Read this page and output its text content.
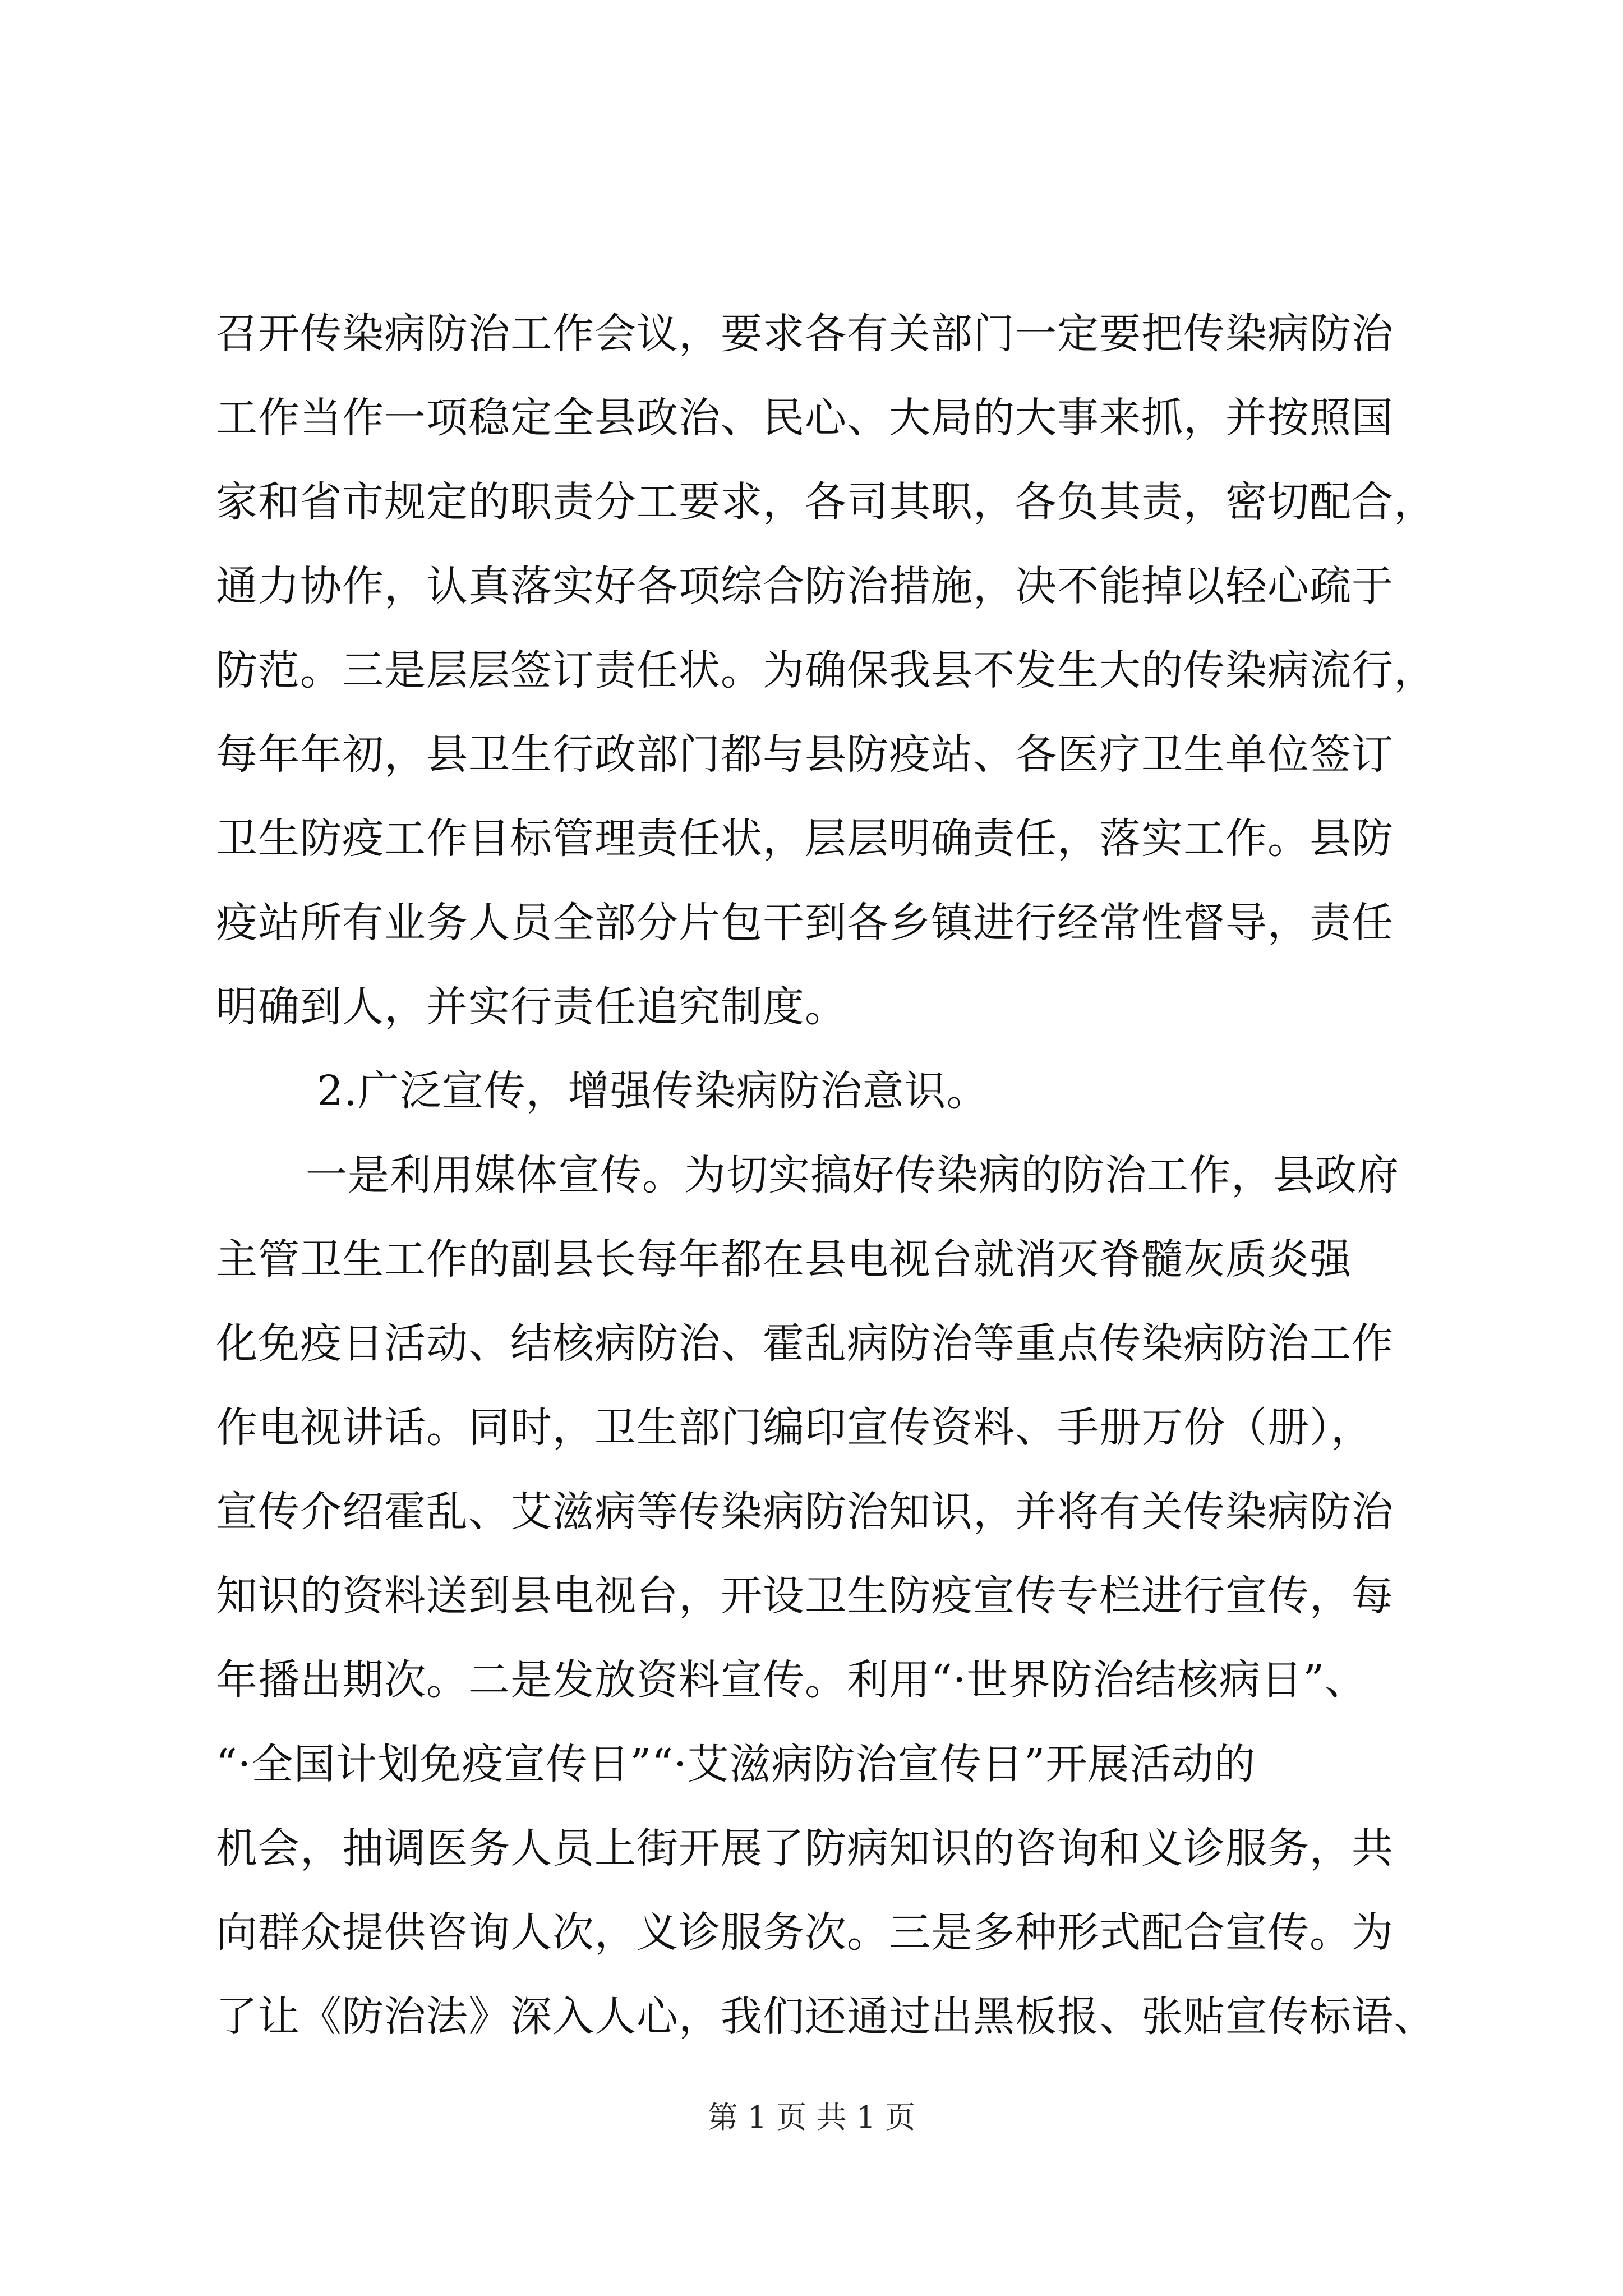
召开传染病防治工作会议，要求各有关部门一定要把传染病防治
工作当作一项稳定全县政治、民心、大局的大事来抓，并按照国
家和省市规定的职责分工要求，各司其职，各负其责，密切配合，
通力协作，认真落实好各项综合防治措施，决不能掉以轻心疏于
防范。三是层层签订责任状。为确保我县不发生大的传染病流行，
每年年初，县卫生行政部门都与县防疫站、各医疗卫生单位签订
卫生防疫工作目标管理责任状，层层明确责任，落实工作。县防
疫站所有业务人员全部分片包干到各乡镇进行经常性督导，责任
明确到人，并实行责任追究制度。
2.广泛宣传，增强传染病防治意识。
一是利用媒体宣传。为切实搞好传染病的防治工作，县政府
主管卫生工作的副县长每年都在县电视台就消灭脊髓灰质炎强
化免疫日活动、结核病防治、霍乱病防治等重点传染病防治工作
作电视讲话。同时，卫生部门编印宣传资料、手册万份（册），
宣传介绍霍乱、艾滋病等传染病防治知识，并将有关传染病防治
知识的资料送到县电视台，开设卫生防疫宣传专栏进行宣传，每
年播出期次。二是发放资料宣传。利用“·世界防治结核病日”、
“·全国计划免疫宣传日”“·艾滋病防治宣传日”开展活动的
机会，抽调医务人员上街开展了防病知识的咨询和义诊服务，共
向群众提供咨询人次，义诊服务次。三是多种形式配合宣传。为
了让《防治法》深入人心，我们还通过出黑板报、张贴宣传标语、
第 1 页 共 1 页
